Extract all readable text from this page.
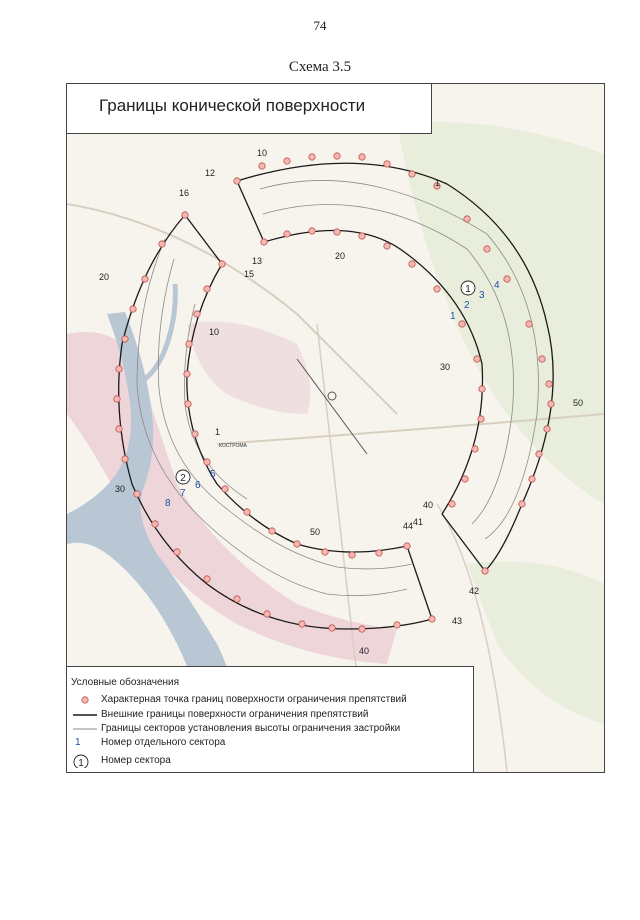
74
Схема 3.5
1
10
12
13
16
15
20
10
20
30
50
40
41
42
43
44
50
40
30
1
КОСТРОМА
1
2
3
4
5
6
7
8
1
2
Границы конической поверхности
Условные обозначения
Характерная точка границ поверхности ограничения препятствий
Внешние границы поверхности ограничения препятствий
Границы секторов установления высоты ограничения застройки
1	Номер отдельного сектора
1 Номер сектора
